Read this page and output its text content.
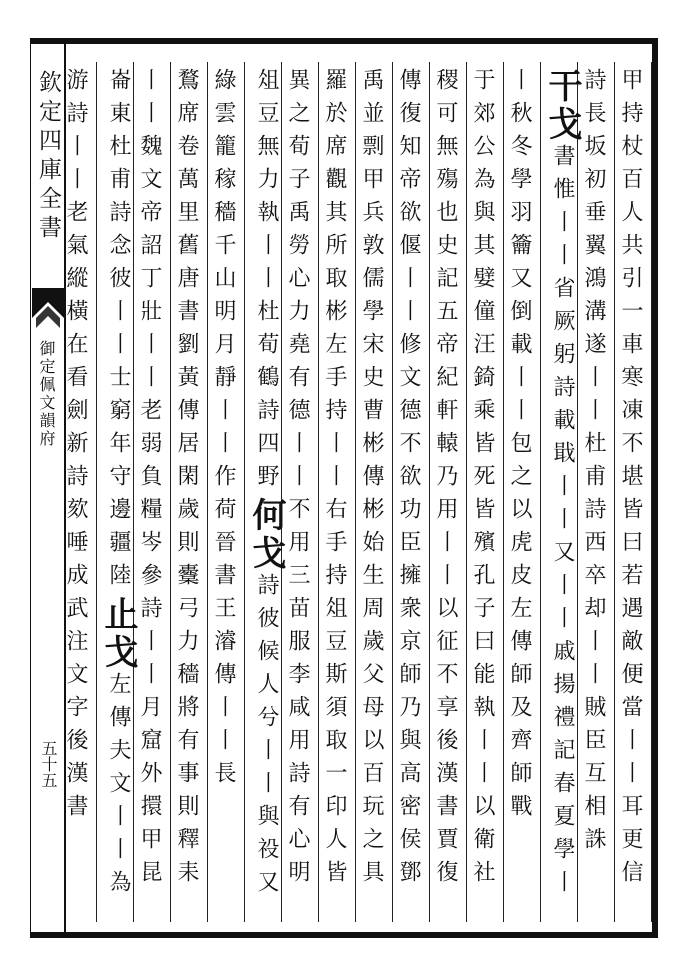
欽定四庫全書
御定佩文韻府
五十五	甲持杖百人共引一車寒凍不堪皆曰若遇敵便當丨丨耳更信
詩長坂初垂翼鴻溝遂丨丨杜甫詩西卒却丨丨賊臣互相誅
干戈書惟丨丨省厥躬詩載戢丨丨又丨丨戚揚禮記春夏學丨
丨秋冬學羽籥又倒載丨丨包之以虎皮左傳師及齊師戰
于郊公為與其嬖僮汪錡乘皆死皆殯孔子曰能執丨丨以衛社
稷可無殤也史記五帝紀軒轅乃用丨丨以征不享後漢書賈復
傳復知帝欲偃丨丨修文德不欲功臣擁衆京師乃與高密侯鄧
禹並剽甲兵敦儒學宋史曹彬傳彬始生周歲父母以百玩之具
羅於席觀其所取彬左手持丨丨右手持俎豆斯須取一印人皆
異之荀子禹勞心力堯有德丨丨不用三苗服李咸用詩有心明
俎豆無力執丨丨杜荀鶴詩四野何戈詩彼候人兮丨丨與祋又
綠雲籠稼穡千山明月靜丨丨作荷晉書王濬傳丨丨長
鶩席卷萬里舊唐書劉黃傳居閑歲則櫜弓力穡將有事則釋耒
丨丨魏文帝詔丁壯丨丨老弱負糧岑參詩丨丨月窟外擐甲昆
崙東杜甫詩念彼丨丨士窮年守邊疆陸止戈左傳夫文丨丨為
游詩丨丨老氣縱橫在看劍新詩欬唾成武注文字後漢書
